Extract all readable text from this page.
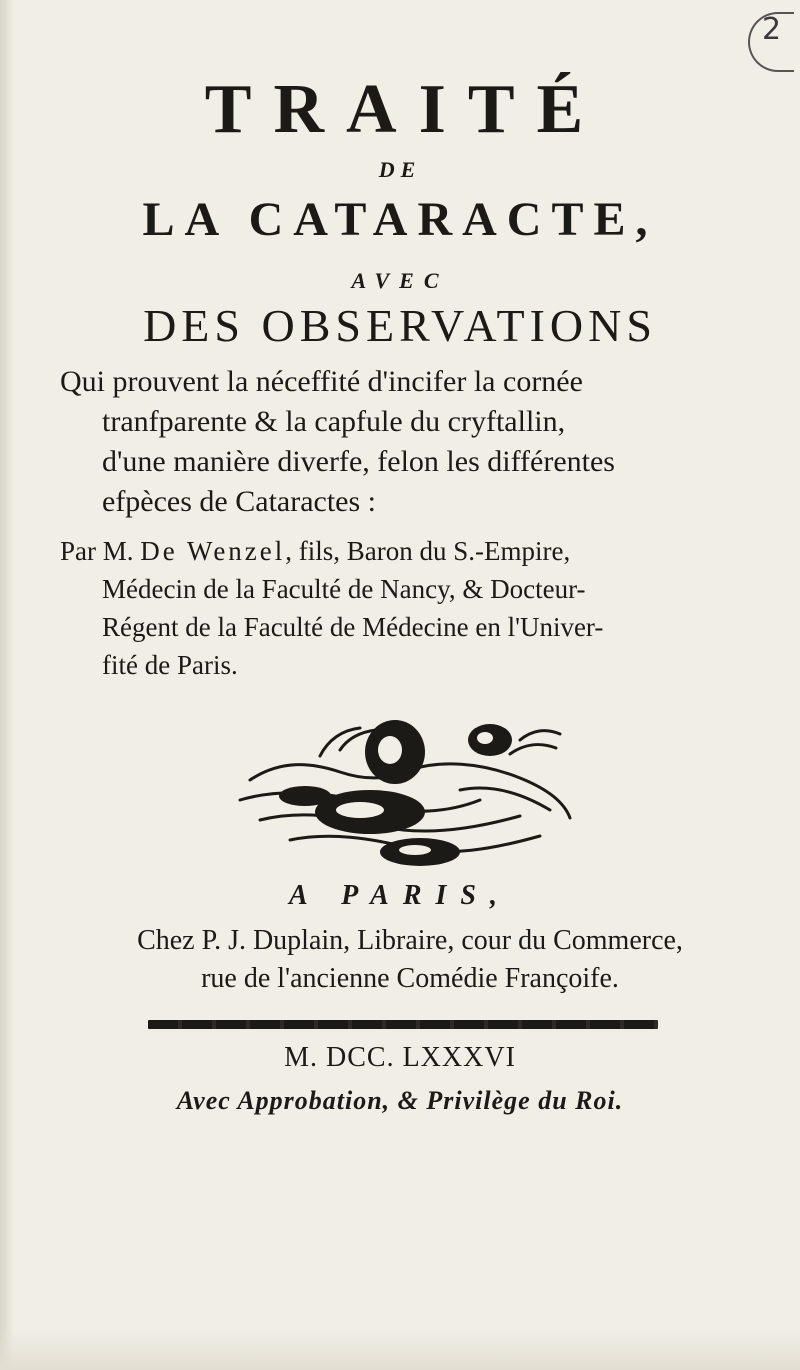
2
TRAITÉ
DE
LA CATARACTE,
AVEC
DES OBSERVATIONS
Qui prouvent la néceffité d'incifer la cornée
tranfparente & la capfule du cryftallin,
d'une manière diverfe, felon les différentes
efpèces de Cataractes :
Par M. De Wenzel, fils, Baron du S.-Empire,
Médecin de la Faculté de Nancy, & Docteur-
Régent de la Faculté de Médecine en l'Univer-
fité de Paris.
A PARIS,
Chez P. J. Duplain, Libraire, cour du Commerce,
rue de l'ancienne Comédie Françoife.
M. DCC. LXXXVI
Avec Approbation, & Privilège du Roi.
